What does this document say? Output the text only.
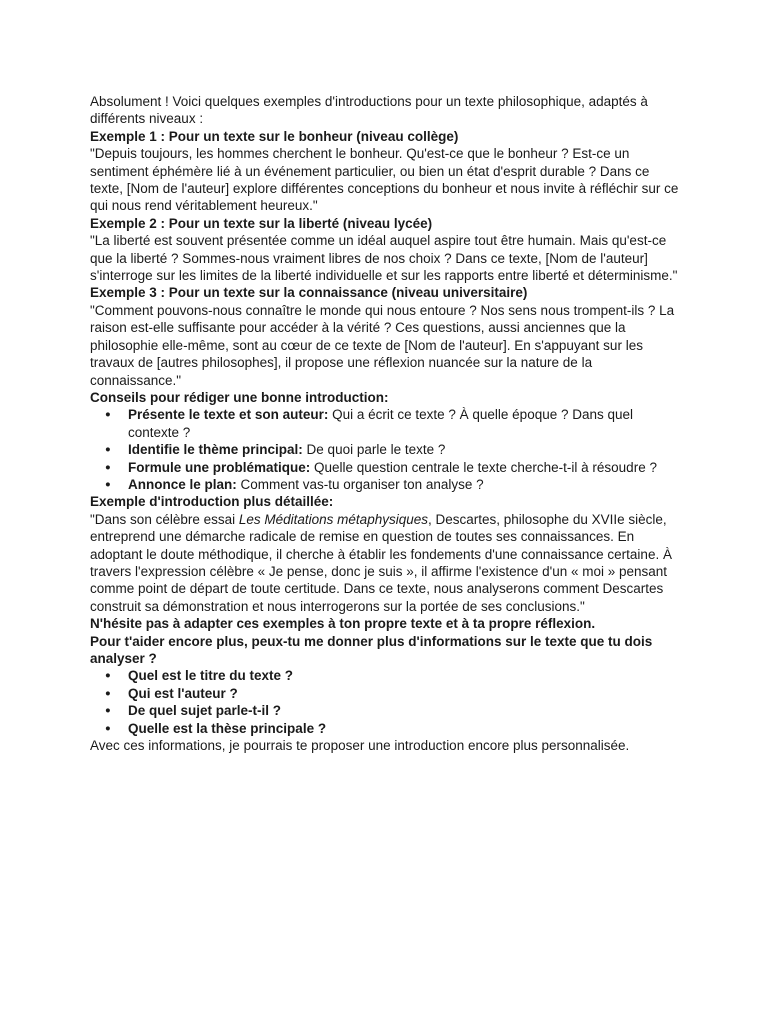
Absolument ! Voici quelques exemples d'introductions pour un texte philosophique, adaptés à différents niveaux :

Exemple 1 : Pour un texte sur le bonheur (niveau collège)

"Depuis toujours, les hommes cherchent le bonheur. Qu'est-ce que le bonheur ? Est-ce un sentiment éphémère lié à un événement particulier, ou bien un état d'esprit durable ? Dans ce texte, [Nom de l'auteur] explore différentes conceptions du bonheur et nous invite à réfléchir sur ce qui nous rend véritablement heureux."

Exemple 2 : Pour un texte sur la liberté (niveau lycée)

"La liberté est souvent présentée comme un idéal auquel aspire tout être humain. Mais qu'est-ce que la liberté ? Sommes-nous vraiment libres de nos choix ? Dans ce texte, [Nom de l'auteur] s'interroge sur les limites de la liberté individuelle et sur les rapports entre liberté et déterminisme."

Exemple 3 : Pour un texte sur la connaissance (niveau universitaire)

"Comment pouvons-nous connaître le monde qui nous entoure ? Nos sens nous trompent-ils ? La raison est-elle suffisante pour accéder à la vérité ? Ces questions, aussi anciennes que la philosophie elle-même, sont au cœur de ce texte de [Nom de l'auteur]. En s'appuyant sur les travaux de [autres philosophes], il propose une réflexion nuancée sur la nature de la connaissance."

Conseils pour rédiger une bonne introduction:

● Présente le texte et son auteur: Qui a écrit ce texte ? À quelle époque ? Dans quel contexte ?
● Identifie le thème principal: De quoi parle le texte ?
● Formule une problématique: Quelle question centrale le texte cherche-t-il à résoudre ?
● Annonce le plan: Comment vas-tu organiser ton analyse ?

Exemple d'introduction plus détaillée:

"Dans son célèbre essai Les Méditations métaphysiques, Descartes, philosophe du XVIIe siècle, entreprend une démarche radicale de remise en question de toutes ses connaissances. En adoptant le doute méthodique, il cherche à établir les fondements d'une connaissance certaine. À travers l'expression célèbre « Je pense, donc je suis », il affirme l'existence d'un « moi » pensant comme point de départ de toute certitude. Dans ce texte, nous analyserons comment Descartes construit sa démonstration et nous interrogerons sur la portée de ses conclusions."

N'hésite pas à adapter ces exemples à ton propre texte et à ta propre réflexion.

Pour t'aider encore plus, peux-tu me donner plus d'informations sur le texte que tu dois analyser ?

● Quel est le titre du texte ?
● Qui est l'auteur ?
● De quel sujet parle-t-il ?
● Quelle est la thèse principale ?

Avec ces informations, je pourrais te proposer une introduction encore plus personnalisée.
